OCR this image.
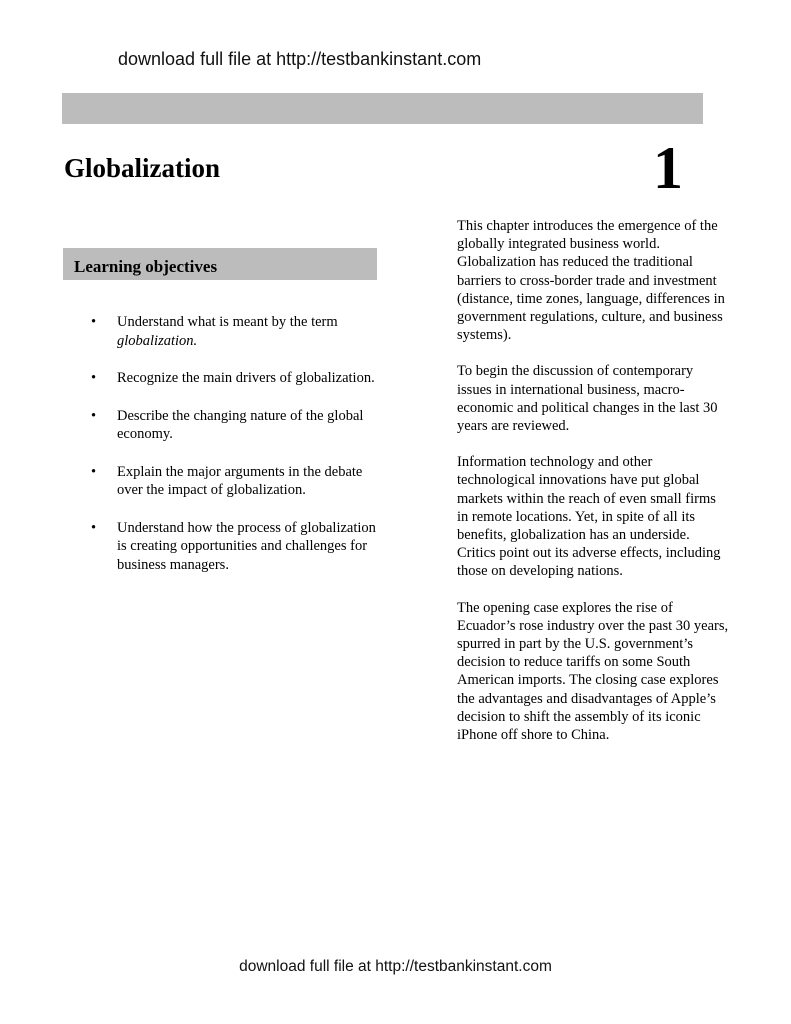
download full file at http://testbankinstant.com
Globalization	1
Learning objectives
• Understand what is meant by the term globalization.
• Recognize the main drivers of globalization.
• Describe the changing nature of the global economy.
• Explain the major arguments in the debate over the impact of globalization.
• Understand how the process of globalization is creating opportunities and challenges for business managers.

This chapter introduces the emergence of the globally integrated business world. Globalization has reduced the traditional barriers to cross-border trade and investment (distance, time zones, language, differences in government regulations, culture, and business systems).

To begin the discussion of contemporary issues in international business, macro-economic and political changes in the last 30 years are reviewed.

Information technology and other technological innovations have put global markets within the reach of even small firms in remote locations. Yet, in spite of all its benefits, globalization has an underside. Critics point out its adverse effects, including those on developing nations.

The opening case explores the rise of Ecuador’s rose industry over the past 30 years, spurred in part by the U.S. government’s decision to reduce tariffs on some South American imports. The closing case explores the advantages and disadvantages of Apple’s decision to shift the assembly of its iconic iPhone off shore to China.

download full file at http://testbankinstant.com
